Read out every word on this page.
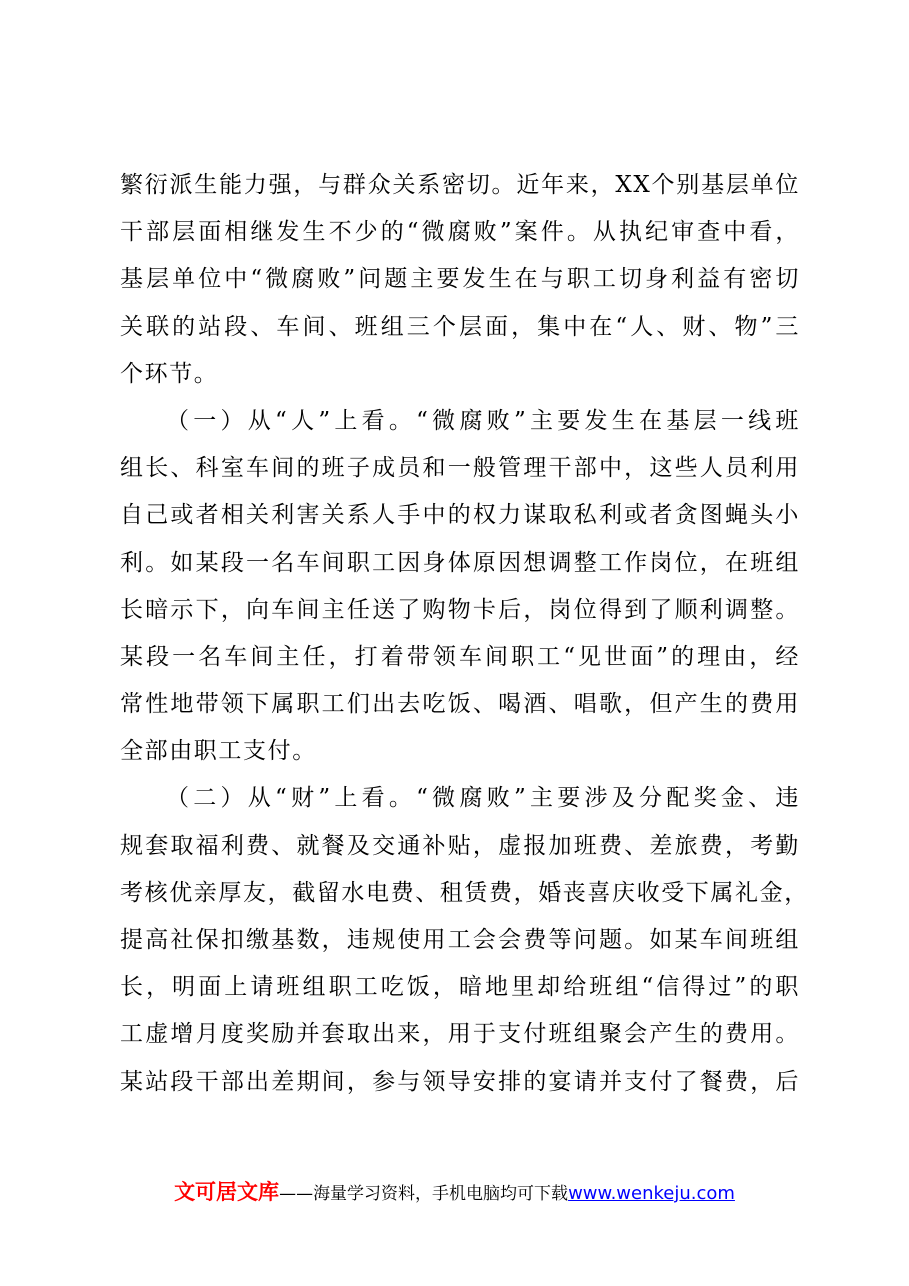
繁衍派生能力强，与群众关系密切。近年来，XX个别基层单位
干部层面相继发生不少的“微腐败”案件。从执纪审查中看，
基层单位中“微腐败”问题主要发生在与职工切身利益有密切
关联的站段、车间、班组三个层面，集中在“人、财、物”三
个环节。
（一）从“人”上看。“微腐败”主要发生在基层一线班
组长、科室车间的班子成员和一般管理干部中，这些人员利用
自己或者相关利害关系人手中的权力谋取私利或者贪图蝇头小
利。如某段一名车间职工因身体原因想调整工作岗位，在班组
长暗示下，向车间主任送了购物卡后，岗位得到了顺利调整。
某段一名车间主任，打着带领车间职工“见世面”的理由，经
常性地带领下属职工们出去吃饭、喝酒、唱歌，但产生的费用
全部由职工支付。
（二）从“财”上看。“微腐败”主要涉及分配奖金、违
规套取福利费、就餐及交通补贴，虚报加班费、差旅费，考勤
考核优亲厚友，截留水电费、租赁费，婚丧喜庆收受下属礼金，
提高社保扣缴基数，违规使用工会会费等问题。如某车间班组
长，明面上请班组职工吃饭，暗地里却给班组“信得过”的职
工虚增月度奖励并套取出来，用于支付班组聚会产生的费用。
某站段干部出差期间，参与领导安排的宴请并支付了餐费，后
文可居文库——海量学习资料，手机电脑均可下载www.wenkeju.com
